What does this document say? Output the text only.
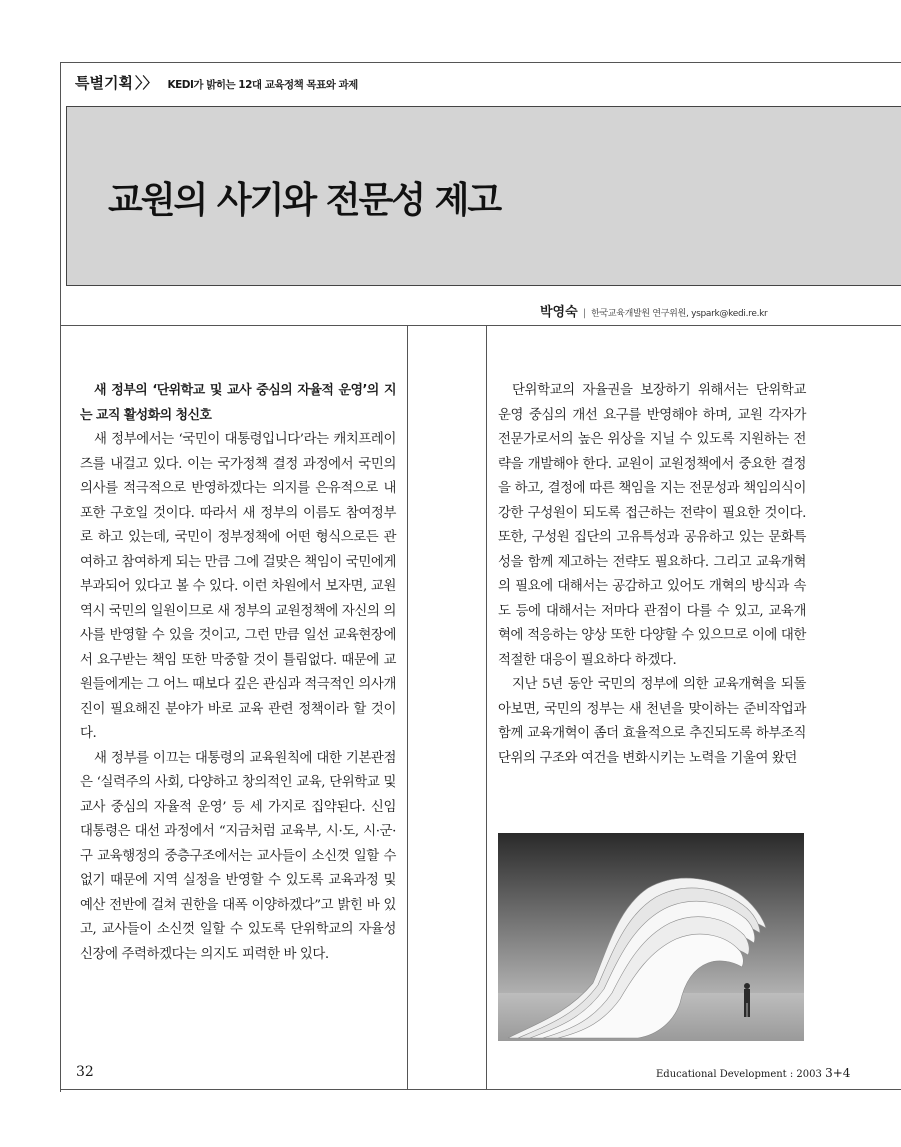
특별기획 〉〉 KEDI가 밝히는 12대 교육정책 목표와 과제
교원의 사기와 전문성 제고
박영숙 | 한국교육개발원 연구위원, yspark@kedi.re.kr

새 정부의 ‘단위학교 및 교사 중심의 자율적 운영’의 지는 교직 활성화의 청신호

새 정부에서는 ‘국민이 대통령입니다’라는 캐치프레이즈를 내걸고 있다. 이는 국가정책 결정 과정에서 국민의 의사를 적극적으로 반영하겠다는 의지를 은유적으로 내포한 구호일 것이다. 따라서 새 정부의 이름도 참여정부로 하고 있는데, 국민이 정부정책에 어떤 형식으로든 관여하고 참여하게 되는 만큼 그에 걸맞은 책임이 국민에게 부과되어 있다고 볼 수 있다. 이런 차원에서 보자면, 교원 역시 국민의 일원이므로 새 정부의 교원정책에 자신의 의사를 반영할 수 있을 것이고, 그런 만큼 일선 교육현장에서 요구받는 책임 또한 막중할 것이 틀림없다. 때문에 교원들에게는 그 어느 때보다 깊은 관심과 적극적인 의사개진이 필요해진 분야가 바로 교육 관련 정책이라 할 것이다.

새 정부를 이끄는 대통령의 교육원칙에 대한 기본관점은 ‘실력주의 사회, 다양하고 창의적인 교육, 단위학교 및 교사 중심의 자율적 운영’ 등 세 가지로 집약된다. 신임 대통령은 대선 과정에서 “지금처럼 교육부, 시·도, 시·군·구 교육행정의 중층구조에서는 교사들이 소신껏 일할 수 없기 때문에 지역 실정을 반영할 수 있도록 교육과정 및 예산 전반에 걸쳐 권한을 대폭 이양하겠다”고 밝힌 바 있고, 교사들이 소신껏 일할 수 있도록 단위학교의 자율성 신장에 주력하겠다는 의지도 피력한 바 있다.

단위학교의 자율권을 보장하기 위해서는 단위학교 운영 중심의 개선 요구를 반영해야 하며, 교원 각자가 전문가로서의 높은 위상을 지닐 수 있도록 지원하는 전략을 개발해야 한다. 교원이 교원정책에서 중요한 결정을 하고, 결정에 따른 책임을 지는 전문성과 책임의식이 강한 구성원이 되도록 접근하는 전략이 필요한 것이다. 또한, 구성원 집단의 고유특성과 공유하고 있는 문화특성을 함께 제고하는 전략도 필요하다. 그리고 교육개혁의 필요에 대해서는 공감하고 있어도 개혁의 방식과 속도 등에 대해서는 저마다 관점이 다를 수 있고, 교육개혁에 적응하는 양상 또한 다양할 수 있으므로 이에 대한 적절한 대응이 필요하다 하겠다.

지난 5년 동안 국민의 정부에 의한 교육개혁을 되돌아보면, 국민의 정부는 새 천년을 맞이하는 준비작업과 함께 교육개혁이 좀더 효율적으로 추진되도록 하부조직 단위의 구조와 여건을 변화시키는 노력을 기울여 왔던

32	Educational Development : 2003 3+4
